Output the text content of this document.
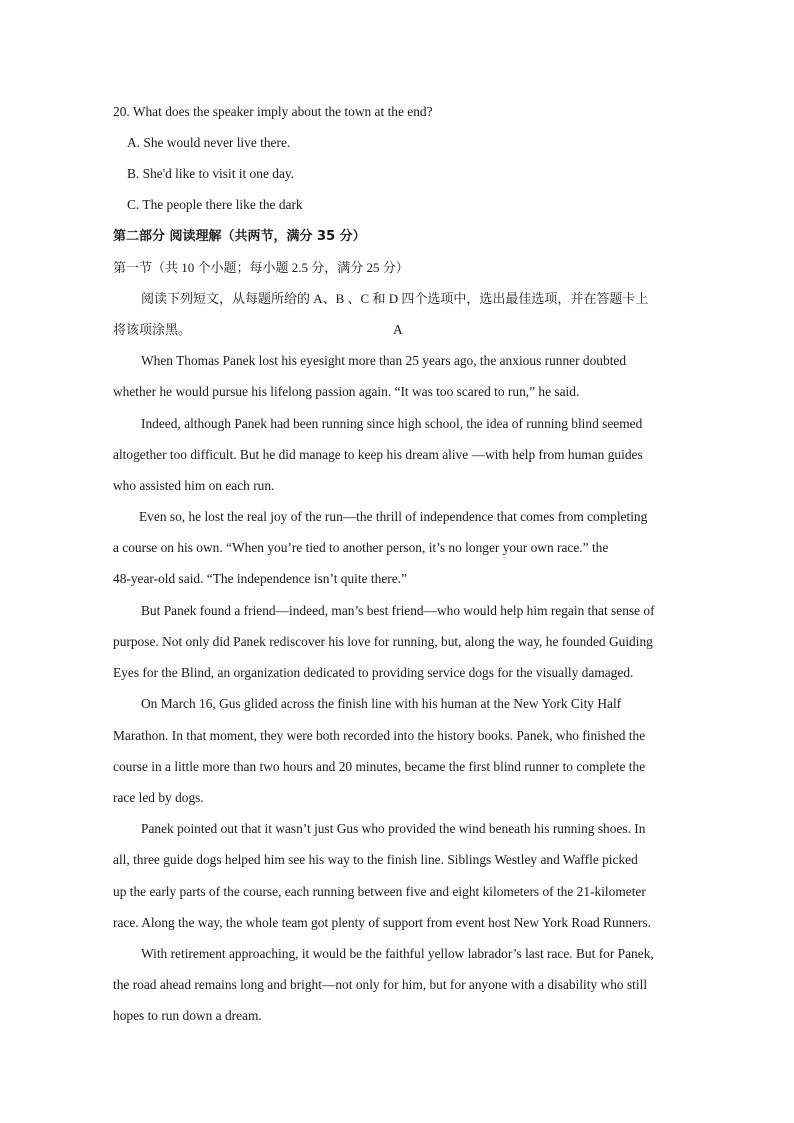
20. What does the speaker imply about the town at the end?
A. She would never live there.
B. She'd like to visit it one day.
C. The people there like the dark
第二部分 阅读理解（共两节，满分 35 分）
第一节（共 10 个小题；每小题 2.5 分，满分 25 分）
阅读下列短文，从每题所给的 A、B 、C 和 D 四个选项中，选出最佳选项，并在答题卡上
将该项涂黑。	A
When Thomas Panek lost his eyesight more than 25 years ago, the anxious runner doubted
whether he would pursue his lifelong passion again. “It was too scared to run,” he said.
Indeed, although Panek had been running since high school, the idea of running blind seemed
altogether too difficult. But he did manage to keep his dream alive —with help from human guides
who assisted him on each run.
Even so, he lost the real joy of the run—the thrill of independence that comes from completing
a course on his own. “When you’re tied to another person, it’s no longer your own race.” the
48-year-old said. “The independence isn’t quite there.”
But Panek found a friend—indeed, man’s best friend—who would help him regain that sense of
purpose. Not only did Panek rediscover his love for running, but, along the way, he founded Guiding
Eyes for the Blind, an organization dedicated to providing service dogs for the visually damaged.
On March 16, Gus glided across the finish line with his human at the New York City Half
Marathon. In that moment, they were both recorded into the history books. Panek, who finished the
course in a little more than two hours and 20 minutes, became the first blind runner to complete the
race led by dogs.
Panek pointed out that it wasn’t just Gus who provided the wind beneath his running shoes. In
all, three guide dogs helped him see his way to the finish line. Siblings Westley and Waffle picked
up the early parts of the course, each running between five and eight kilometers of the 21-kilometer
race. Along the way, the whole team got plenty of support from event host New York Road Runners.
With retirement approaching, it would be the faithful yellow labrador’s last race. But for Panek,
the road ahead remains long and bright—not only for him, but for anyone with a disability who still
hopes to run down a dream.
